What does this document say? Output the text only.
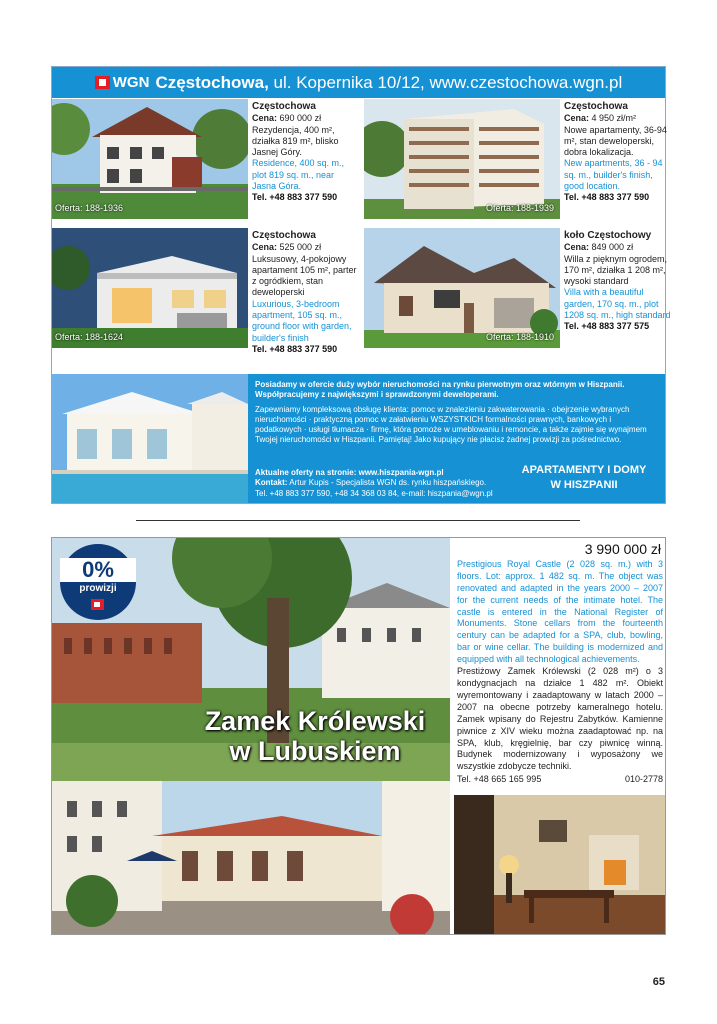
WGN Częstochowa, ul. Kopernika 10/12, www.czestochowa.wgn.pl
Oferta: 188-1936
Częstochowa
Cena: 690 000 zł
Rezydencja, 400 m², działka 819 m², blisko Jasnej Góry.
Residence, 400 sq. m., plot 819 sq. m., near Jasna Góra.
Tel. +48 883 377 590
Oferta: 188-1939
Częstochowa
Cena: 4 950 zł/m²
Nowe apartamenty, 36-94 m², stan deweloperski, dobra lokalizacja.
New apartments, 36 - 94 sq. m., builder's finish, good location.
Tel. +48 883 377 590
Oferta: 188-1624
Częstochowa
Cena: 525 000 zł
Luksusowy, 4-pokojowy apartament 105 m², parter z ogródkiem, stan deweloperski
Luxurious, 3-bedroom apartment, 105 sq. m., ground floor with garden, builder's finish
Tel. +48 883 377 590
Oferta: 188-1910
koło Częstochowy
Cena: 849 000 zł
Willa z pięknym ogrodem, 170 m², działka 1 208 m², wysoki standard
Villa with a beautiful garden, 170 sq. m., plot 1208 sq. m., high standard
Tel. +48 883 377 575
Posiadamy w ofercie duży wybór nieruchomości na rynku pierwotnym oraz wtórnym w Hiszpanii. Współpracujemy z największymi i sprawdzonymi deweloperami.
Zapewniamy kompleksową obsługę klienta: pomoc w znalezieniu zakwaterowania · obejrzenie wybranych nieruchomości · praktyczną pomoc w załatwieniu WSZYSTKICH formalności prawnych, bankowych i podatkowych · usługi tłumacza · firmę, która pomoże w umeblowaniu i remoncie, a także zajmie się wynajmem Twojej nieruchomości w Hiszpanii. Pamiętaj! Jako kupujący nie płacisz żadnej prowizji za pośrednictwo.
Aktualne oferty na stronie: www.hiszpania-wgn.pl
Kontakt: Artur Kupis - Specjalista WGN ds. rynku hiszpańskiego.
Tel. +48 883 377 590, +48 34 368 03 84, e-mail: hiszpania@wgn.pl
APARTAMENTY I DOMY
W HISZPANII
0%
prowizji
Zamek Królewski
w Lubuskiem
3 990 000 zł
Prestigious Royal Castle (2 028 sq. m.) with 3 floors. Lot: approx. 1 482 sq. m. The object was renovated and adapted in the years 2000 – 2007 for the current needs of the intimate hotel. The castle is entered in the National Register of Monuments. Stone cellars from the fourteenth century can be adapted for a SPA, club, bowling, bar or wine cellar. The building is modernized and equipped with all technological achievements.
Prestiżowy Zamek Królewski (2 028 m²) o 3 kondygnacjach na działce 1 482 m². Obiekt wyremontowany i zaadaptowany w latach 2000 – 2007 na obecne potrzeby kameralnego hotelu. Zamek wpisany do Rejestru Zabytków. Kamienne piwnice z XIV wieku można zaadaptować np. na SPA, klub, kręgielnię, bar czy piwnicę winną. Budynek modernizowany i wyposażony we wszystkie zdobycze techniki.
Tel. +48 665 165 995	010-2778
65
